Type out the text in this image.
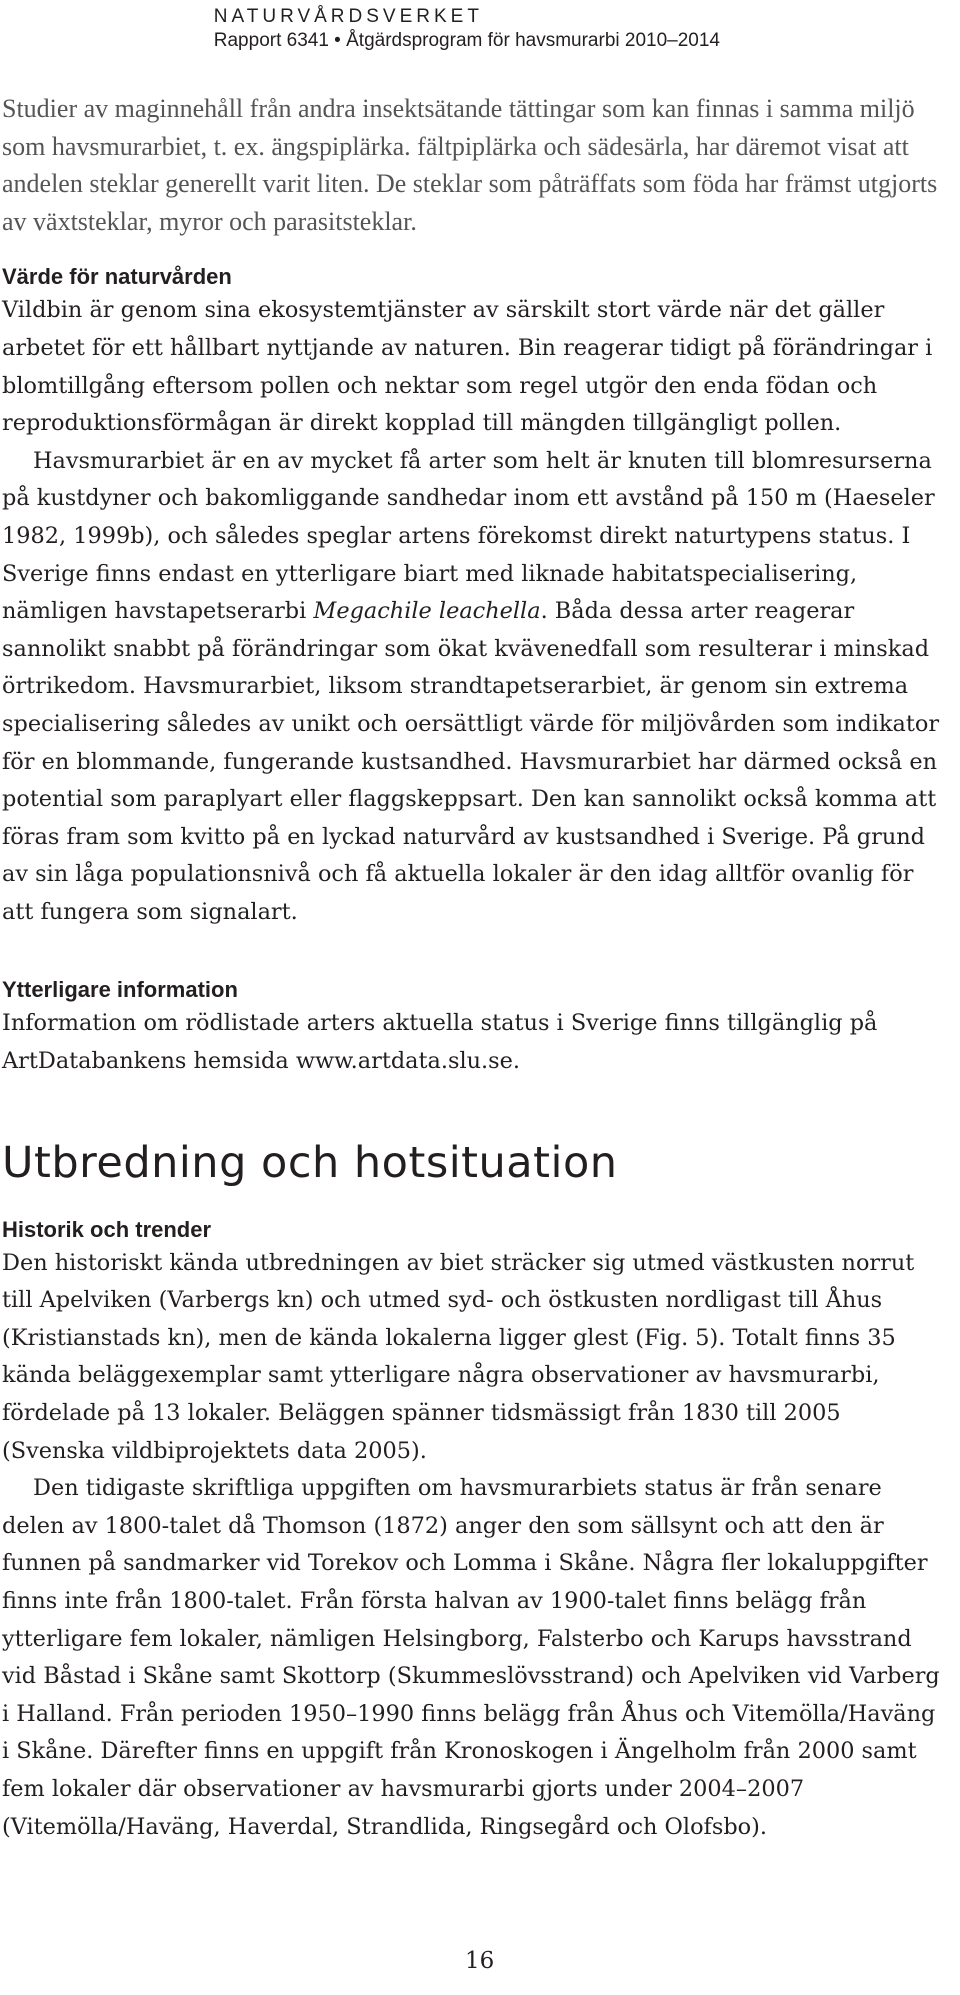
NATURVÅRDSVERKET

Rapport 6341 • Åtgärdsprogram för havsmurarbi 2010–2014

Studier av maginnehåll från andra insektsätande tättingar som kan finnas i samma miljö som havsmurarbiet, t. ex. ängspiplärka. fältpiplärka och sädesärla, har däremot visat att andelen steklar generellt varit liten. De steklar som påträffats som föda har främst utgjorts av växtsteklar, myror och parasitsteklar.

Värde för naturvården

Vildbin är genom sina ekosystemtjänster av särskilt stort värde när det gäller arbetet för ett hållbart nyttjande av naturen. Bin reagerar tidigt på förändringar i blomtillgång eftersom pollen och nektar som regel utgör den enda födan och reproduktionsförmågan är direkt kopplad till mängden tillgängligt pollen.

Havsmurarbiet är en av mycket få arter som helt är knuten till blomresurserna på kustdyner och bakomliggande sandhedar inom ett avstånd på 150 m (Haeseler 1982, 1999b), och således speglar artens förekomst direkt naturtypens status. I Sverige finns endast en ytterligare biart med liknade habitatspecialisering, nämligen havstapetserarbi Megachile leachella. Båda dessa arter reagerar sannolikt snabbt på förändringar som ökat kvävenedfall som resulterar i minskad örtrikedom. Havsmurarbiet, liksom strandtapetserarbiet, är genom sin extrema specialisering således av unikt och oersättligt värde för miljövården som indikator för en blommande, fungerande kustsandhed. Havsmurarbiet har därmed också en potential som paraplyart eller flaggskeppsart. Den kan sannolikt också komma att föras fram som kvitto på en lyckad naturvård av kustsandhed i Sverige. På grund av sin låga populationsnivå och få aktuella lokaler är den idag alltför ovanlig för att fungera som signalart.

Ytterligare information

Information om rödlistade arters aktuella status i Sverige finns tillgänglig på ArtDatabankens hemsida www.artdata.slu.se.

Utbredning och hotsituation
Historik och trender

Den historiskt kända utbredningen av biet sträcker sig utmed västkusten norrut till Apelviken (Varbergs kn) och utmed syd- och östkusten nordligast till Åhus (Kristianstads kn), men de kända lokalerna ligger glest (Fig. 5). Totalt finns 35 kända beläggexemplar samt ytterligare några observationer av havsmurarbi, fördelade på 13 lokaler. Beläggen spänner tidsmässigt från 1830 till 2005 (Svenska vildbiprojektets data 2005).

Den tidigaste skriftliga uppgiften om havsmurarbiets status är från senare delen av 1800-talet då Thomson (1872) anger den som sällsynt och att den är funnen på sandmarker vid Torekov och Lomma i Skåne. Några fler lokaluppgifter finns inte från 1800-talet. Från första halvan av 1900-talet finns belägg från ytterligare fem lokaler, nämligen Helsingborg, Falsterbo och Karups havsstrand vid Båstad i Skåne samt Skottorp (Skummeslövsstrand) och Apelviken vid Varberg i Halland. Från perioden 1950–1990 finns belägg från Åhus och Vitemölla/Haväng i Skåne. Därefter finns en uppgift från Kronoskogen i Ängelholm från 2000 samt fem lokaler där observationer av havsmurarbi gjorts under 2004–2007 (Vitemölla/Haväng, Haverdal, Strandlida, Ringsegård och Olofsbo).

16
